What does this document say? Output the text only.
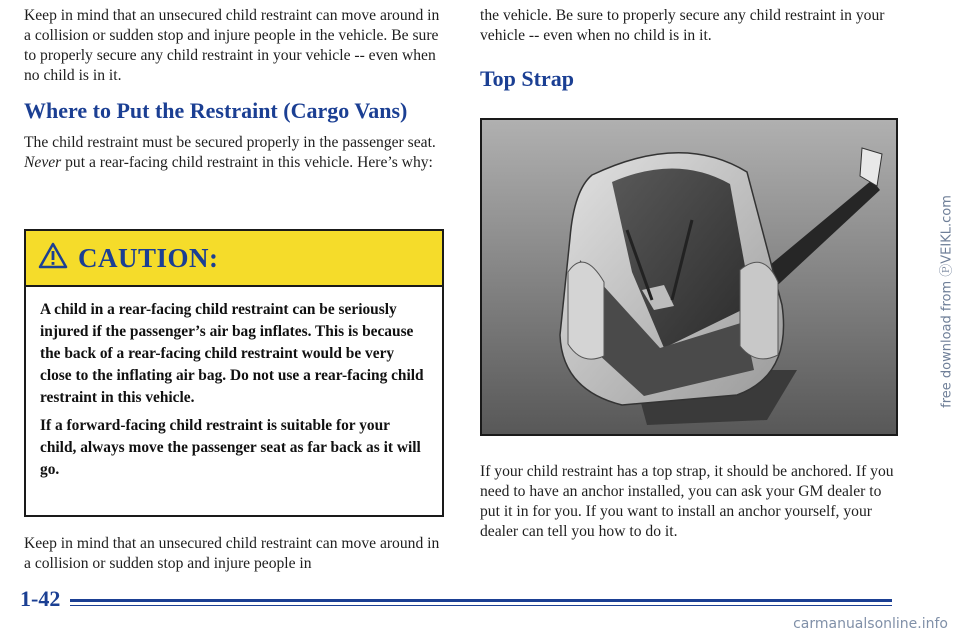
Keep in mind that an unsecured child restraint can move around in a collision or sudden stop and injure people in the vehicle. Be sure to properly secure any child restraint in your vehicle -- even when no child is in it.

Where to Put the Restraint (Cargo Vans)

The child restraint must be secured properly in the passenger seat. Never put a rear-facing child restraint in this vehicle. Here’s why:

CAUTION:

A child in a rear-facing child restraint can be seriously injured if the passenger’s air bag inflates. This is because the back of a rear-facing child restraint would be very close to the inflating air bag. Do not use a rear-facing child restraint in this vehicle.

If a forward-facing child restraint is suitable for your child, always move the passenger seat as far back as it will go.

Keep in mind that an unsecured child restraint can move around in a collision or sudden stop and injure people in

the vehicle. Be sure to properly secure any child restraint in your vehicle -- even when no child is in it.

Top Strap

If your child restraint has a top strap, it should be anchored. If you need to have an anchor installed, you can ask your GM dealer to put it in for you. If you want to install an anchor yourself, your dealer can tell you how to do it.

1-42
free download from ⓅVEIKL.com
carmanualsonline.info
